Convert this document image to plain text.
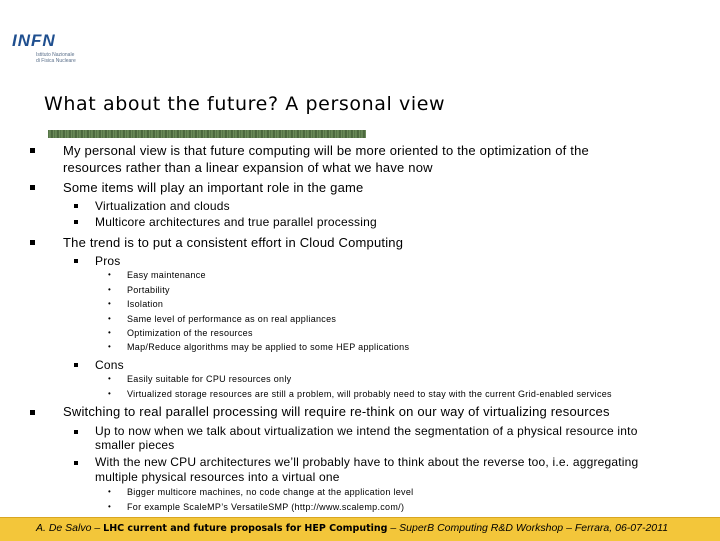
INFN
Istituto Nazionale
di Fisica Nucleare
What about the future? A personal view
My personal view is that future computing will be more oriented to the optimization of the
resources rather than a linear expansion of what we have now
Some items will play an important role in the game
Virtualization and clouds
Multicore architectures and true parallel processing
The trend is to put a consistent effort in Cloud Computing
Pros
• Easy maintenance
• Portability
• Isolation
• Same level of performance as on real appliances
• Optimization of the resources
• Map/Reduce algorithms may be applied to some HEP applications
Cons
• Easily suitable for CPU resources only
• Virtualized storage resources are still a problem, will probably need to stay with the current Grid-enabled services
Switching to real parallel processing will require re-think on our way of virtualizing resources
Up to now when we talk about virtualization we intend the segmentation of a physical resource into
smaller pieces
With the new CPU architectures we’ll probably have to think about the reverse too, i.e. aggregating
multiple physical resources into a virtual one
• Bigger multicore machines, no code change at the application level
• For example ScaleMP’s VersatileSMP (http://www.scalemp.com/)
A. De Salvo – LHC current and future proposals for HEP Computing – SuperB Computing R&D Workshop – Ferrara, 06-07-2011
